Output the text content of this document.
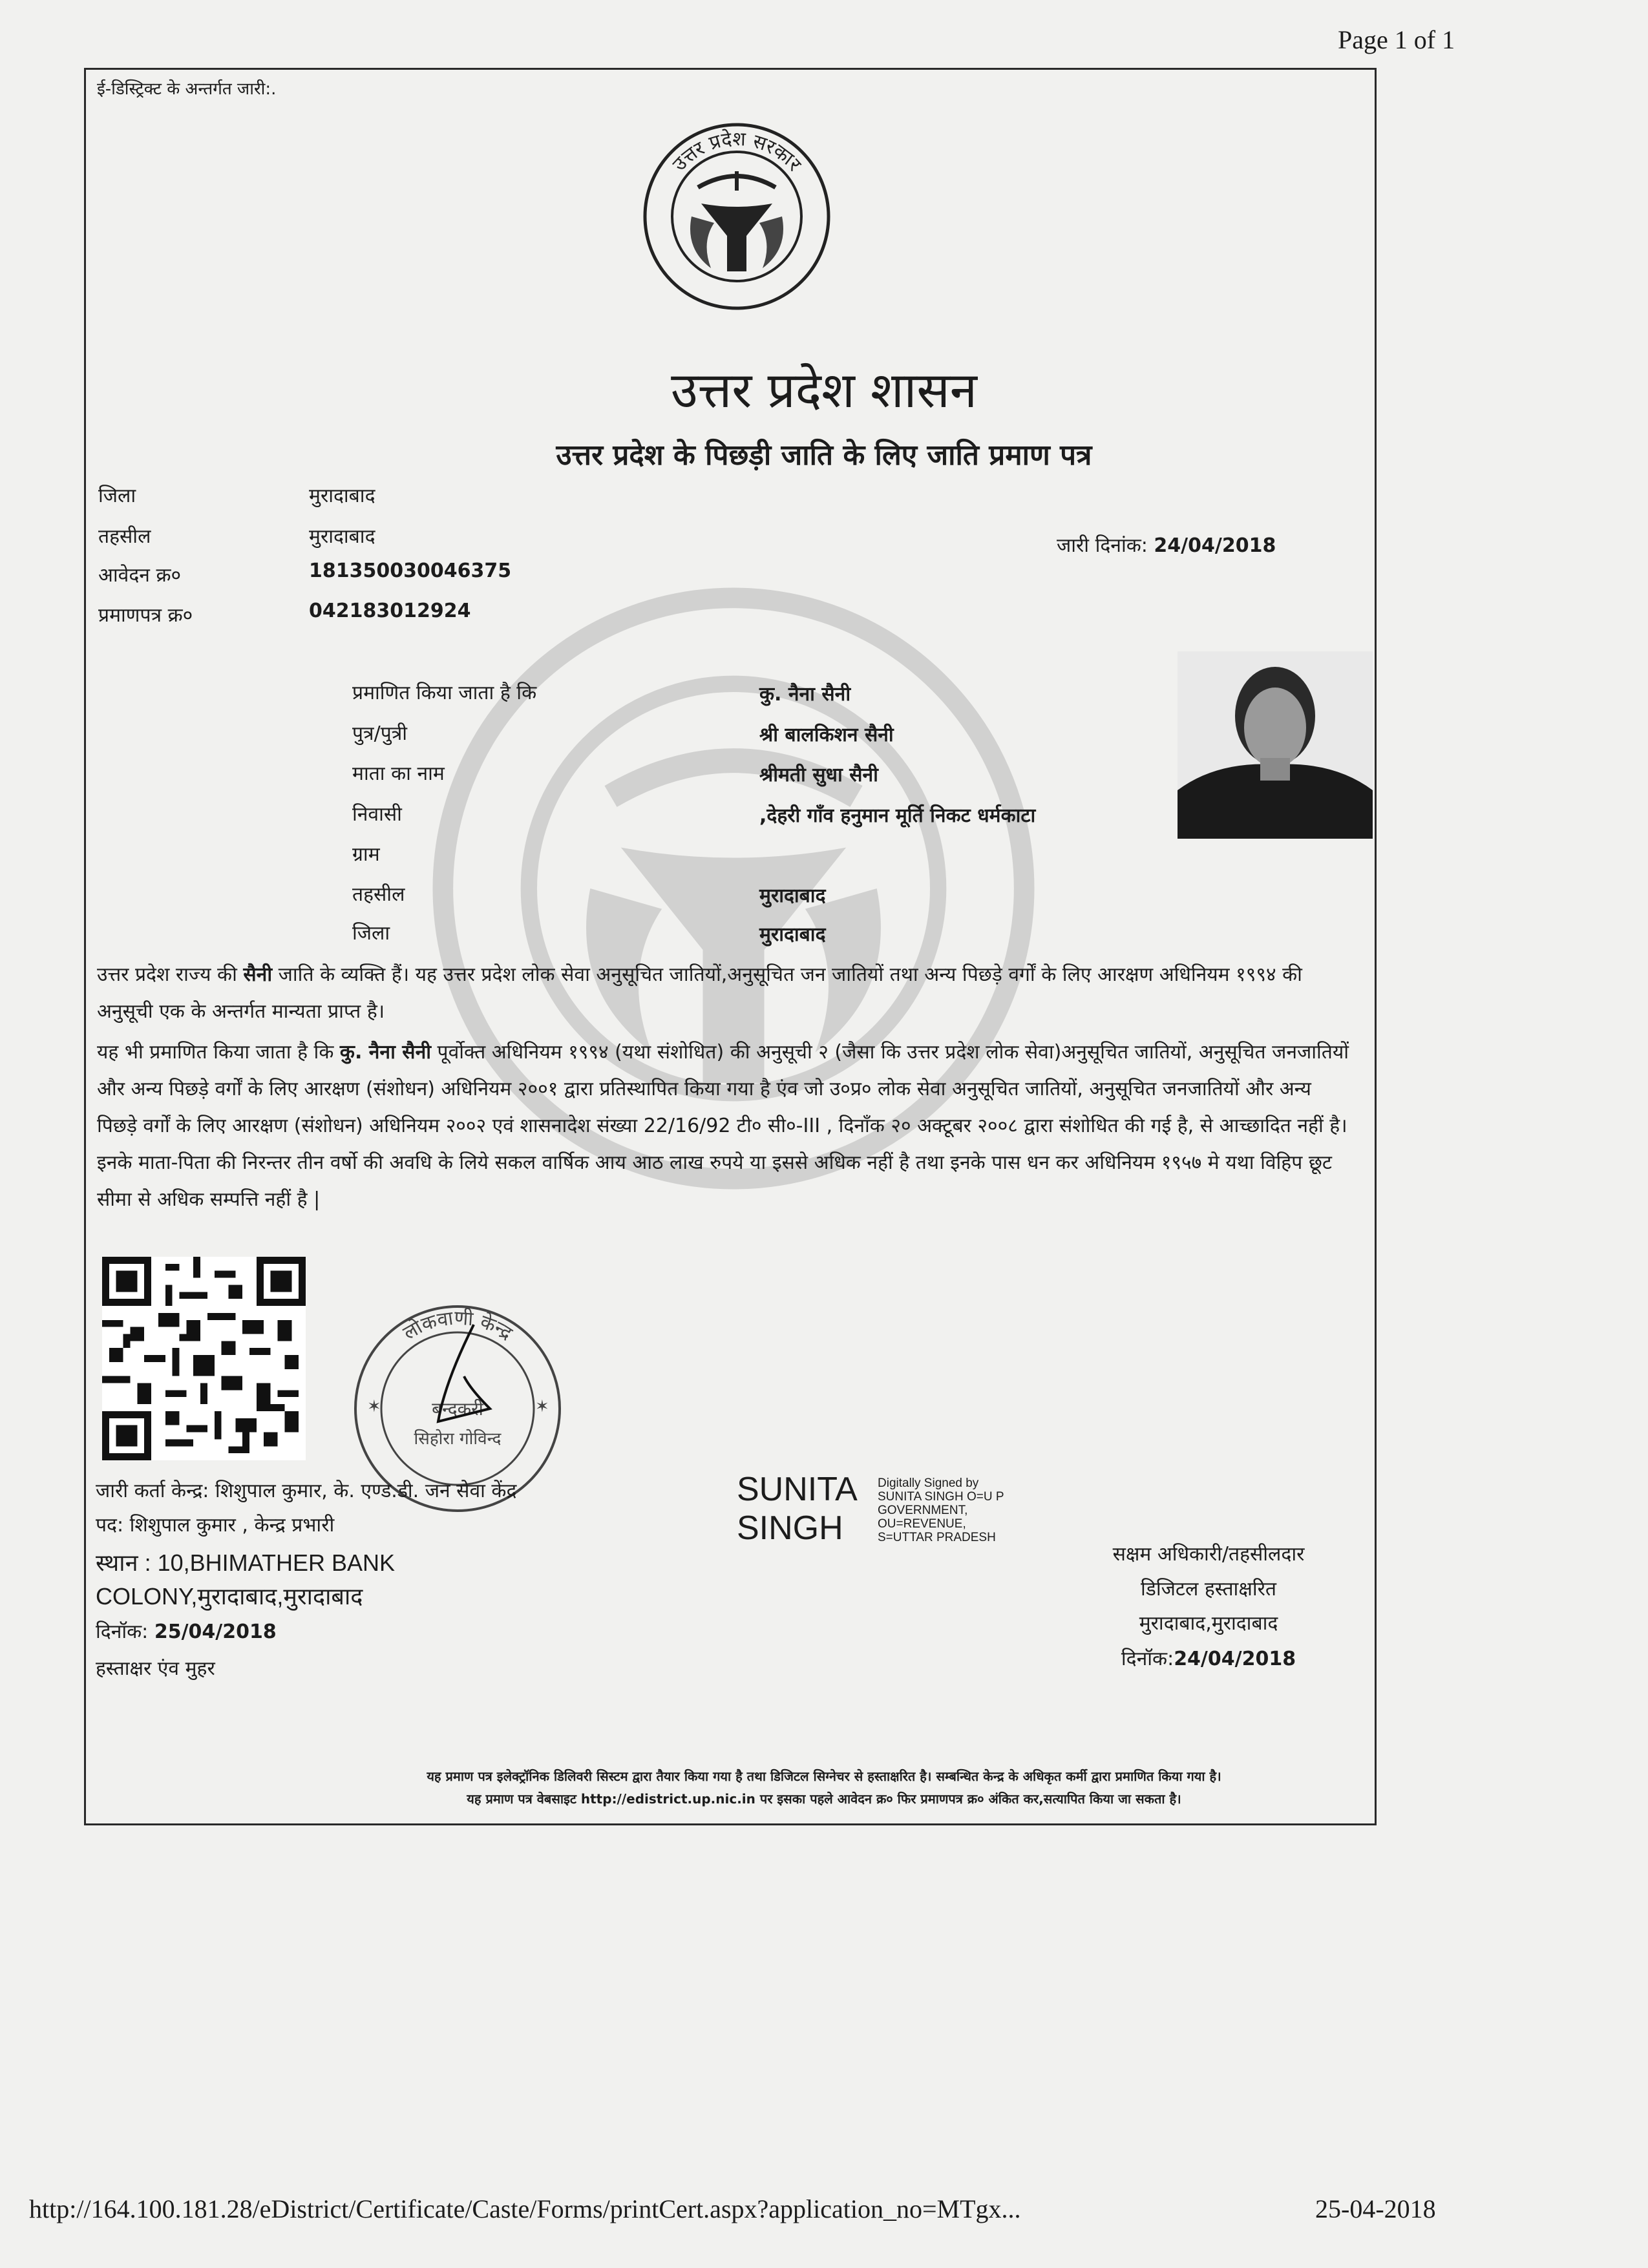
Page 1 of 1
ई-डिस्ट्रिक्ट के अन्तर्गत जारी:.
उत्तर प्रदेश सरकार
उत्तर प्रदेश शासन
उत्तर प्रदेश के पिछड़ी जाति के लिए जाति प्रमाण पत्र
जिला	मुरादाबाद
तहसील	मुरादाबाद
आवेदन क्र०	181350030046375
प्रमाणपत्र क्र०	042183012924
जारी दिनांक: 24/04/2018
प्रमाणित किया जाता है कि	कु. नैना सैनी
पुत्र/पुत्री	श्री बालकिशन सैनी
माता का नाम	श्रीमती सुधा सैनी
निवासी	,देहरी गाँव हनुमान मूर्ति निकट धर्मकाटा
ग्राम
तहसील	मुरादाबाद
जिला	मुरादाबाद
उत्तर प्रदेश राज्य की सैनी जाति के व्यक्ति हैं। यह उत्तर प्रदेश लोक सेवा अनुसूचित जातियों,अनुसूचित जन जातियों तथा अन्य पिछड़े वर्गों के लिए आरक्षण अधिनियम १९९४ की अनुसूची एक के अन्तर्गत मान्यता प्राप्त है।
यह भी प्रमाणित किया जाता है कि कु. नैना सैनी पूर्वोक्त अधिनियम १९९४ (यथा संशोधित) की अनुसूची २ (जैसा कि उत्तर प्रदेश लोक सेवा)अनुसूचित जातियों, अनुसूचित जनजातियों और अन्य पिछड़े वर्गों के लिए आरक्षण (संशोधन) अधिनियम २००१ द्वारा प्रतिस्थापित किया गया है एंव जो उ०प्र० लोक सेवा अनुसूचित जातियों, अनुसूचित जनजातियों और अन्य पिछड़े वर्गों के लिए आरक्षण (संशोधन) अधिनियम २००२ एवं शासनादेश संख्या 22/16/92 टी० सी०-III , दिनाँक २० अक्टूबर २००८ द्वारा संशोधित की गई है, से आच्छादित नहीं है।इनके माता-पिता की निरन्तर तीन वर्षो की अवधि के लिये सकल वार्षिक आय आठ लाख रुपये या इससे अधिक नहीं है तथा इनके पास धन कर अधिनियम १९५७ मे यथा विहिप छूट सीमा से अधिक सम्पत्ति नहीं है |
लोकवाणी केन्द्र
बन्दकरी
सिहोरा गोविन्द
✶	✶
जारी कर्ता केन्द्र: शिशुपाल कुमार, के. एण्ड.डी. जन सेवा केंद्र
पद: शिशुपाल कुमार , केन्द्र प्रभारी
स्थान : 10,BHIMATHER BANK
COLONY,मुरादाबाद,मुरादाबाद
दिनॉक: 25/04/2018
हस्ताक्षर एंव मुहर
SUNITA
SINGH
Digitally Signed by
SUNITA SINGH O=U P
GOVERNMENT,
OU=REVENUE,
S=UTTAR PRADESH
सक्षम अधिकारी/तहसीलदार
डिजिटल हस्ताक्षरित
मुरादाबाद,मुरादाबाद
दिनॉक:24/04/2018
यह प्रमाण पत्र इलेक्ट्रॉनिक डिलिवरी सिस्टम द्वारा तैयार किया गया है तथा डिजिटल सिग्नेचर से हस्ताक्षरित है। सम्बन्धित केन्द्र के अधिकृत कर्मी द्वारा प्रमाणित किया गया है।
यह प्रमाण पत्र वेबसाइट http://edistrict.up.nic.in पर इसका पहले आवेदन क्र० फिर प्रमाणपत्र क्र० अंकित कर,सत्यापित किया जा सकता है।
http://164.100.181.28/eDistrict/Certificate/Caste/Forms/printCert.aspx?application_no=MTgx...	25-04-2018
